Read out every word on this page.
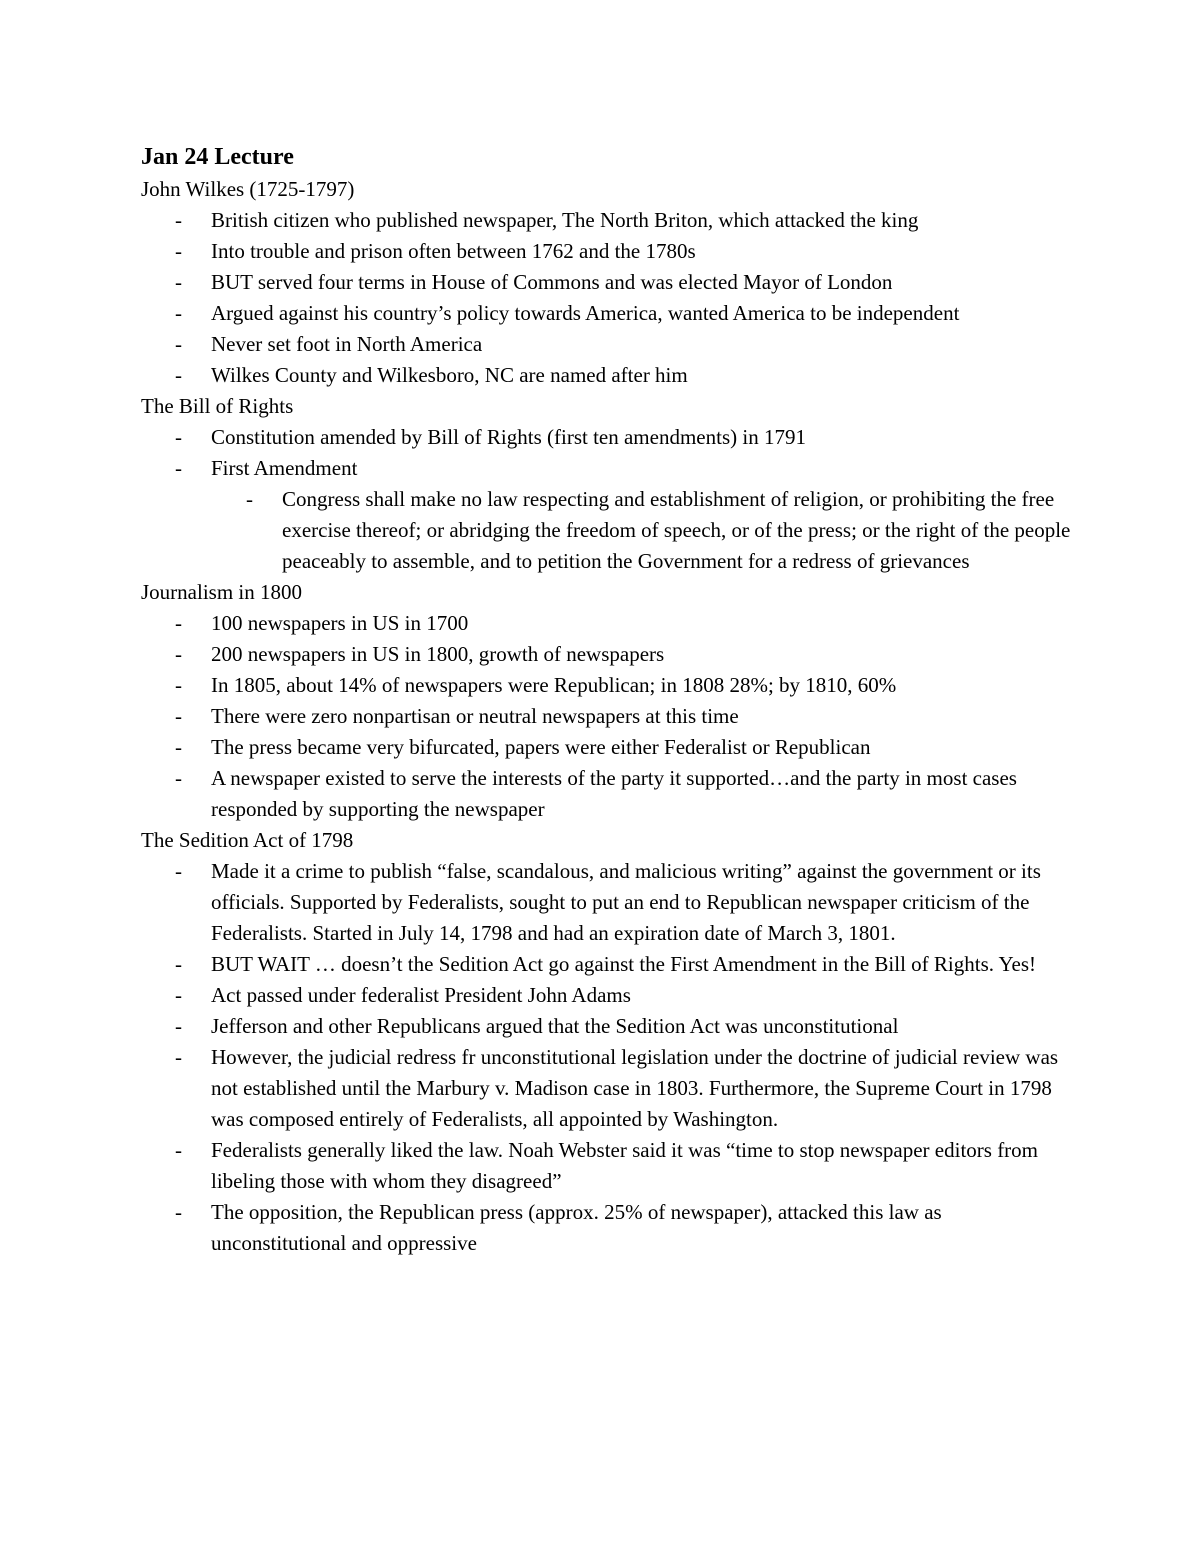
Jan 24 Lecture
John Wilkes (1725-1797)
- British citizen who published newspaper, The North Briton, which attacked the king
- Into trouble and prison often between 1762 and the 1780s
- BUT served four terms in House of Commons and was elected Mayor of London
- Argued against his country’s policy towards America, wanted America to be independent
- Never set foot in North America
- Wilkes County and Wilkesboro, NC are named after him
The Bill of Rights
- Constitution amended by Bill of Rights (first ten amendments) in 1791
- First Amendment
- Congress shall make no law respecting and establishment of religion, or prohibiting the free exercise thereof; or abridging the freedom of speech, or of the press; or the right of the people peaceably to assemble, and to petition the Government for a redress of grievances
Journalism in 1800
- 100 newspapers in US in 1700
- 200 newspapers in US in 1800, growth of newspapers
- In 1805, about 14% of newspapers were Republican; in 1808 28%; by 1810, 60%
- There were zero nonpartisan or neutral newspapers at this time
- The press became very bifurcated, papers were either Federalist or Republican
- A newspaper existed to serve the interests of the party it supported…and the party in most cases responded by supporting the newspaper
The Sedition Act of 1798
- Made it a crime to publish “false, scandalous, and malicious writing” against the government or its officials. Supported by Federalists, sought to put an end to Republican newspaper criticism of the Federalists. Started in July 14, 1798 and had an expiration date of March 3, 1801.
- BUT WAIT … doesn’t the Sedition Act go against the First Amendment in the Bill of Rights. Yes!
- Act passed under federalist President John Adams
- Jefferson and other Republicans argued that the Sedition Act was unconstitutional
- However, the judicial redress fr unconstitutional legislation under the doctrine of judicial review was not established until the Marbury v. Madison case in 1803. Furthermore, the Supreme Court in 1798 was composed entirely of Federalists, all appointed by Washington.
- Federalists generally liked the law. Noah Webster said it was “time to stop newspaper editors from libeling those with whom they disagreed”
- The opposition, the Republican press (approx. 25% of newspaper), attacked this law as unconstitutional and oppressive
